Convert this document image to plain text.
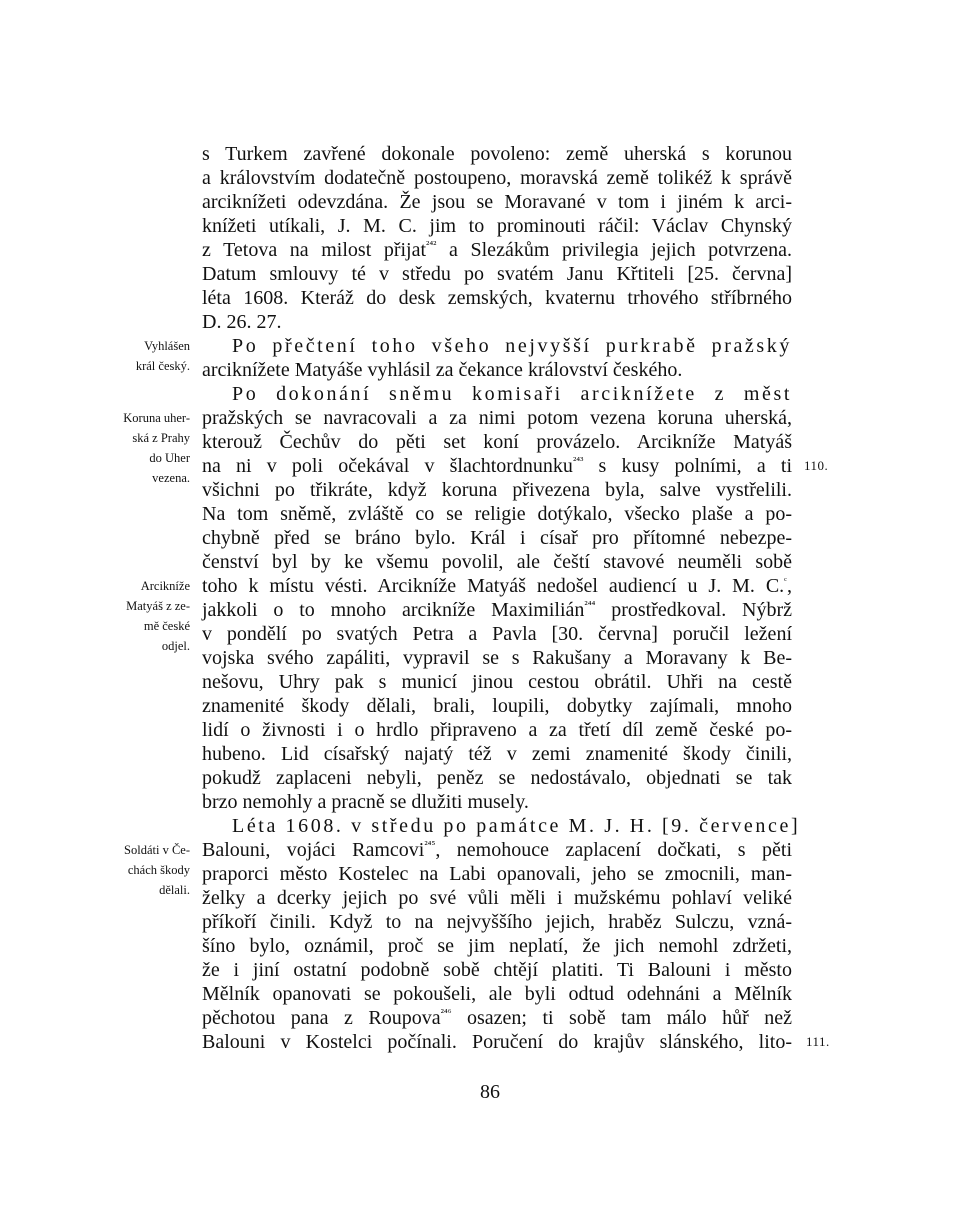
s Turkem zavřené dokonale povoleno: země uherská s korunou
a královstvím dodatečně postoupeno, moravská země tolikéž k správě
arciknížeti odevzdána. Že jsou se Moravané v tom i jiném k arci-
knížeti utíkali, J. M. C. jim to prominouti ráčil: Václav Chynský
z Tetova na milost přijat$^{^{242}}$ a Slezákům privilegia jejich potvrzena.
Datum smlouvy té v středu po svatém Janu Křtiteli [25. června]
léta 1608. Kteráž do desk zemských, kvaternu trhového stříbrného
D. 26. 27.
Po přečtení toho všeho nejvyšší purkrabě pražský
arciknížete Matyáše vyhlásil za čekance království českého.
Po dokonání sněmu komisaři arciknížete z měst
pražských se navracovali a za nimi potom vezena koruna uherská,
kterouž Čechův do pěti set koní provázelo. Arcikníže Matyáš
na ni v poli očekával v šlachtordnunku$^{^{243}}$ s kusy polními, a ti
všichni po třikráte, když koruna přivezena byla, salve vystřelili.
Na tom sněmě, zvláště co se religie dotýkalo, všecko plaše a po-
chybně před se bráno bylo. Král i císař pro přítomné nebezpe-
čenství byl by ke všemu povolil, ale čeští stavové neuměli sobě
toho k místu vésti. Arcikníže Matyáš nedošel audiencí u J. M. C.$^ᶜ$,
jakkoli o to mnoho arcikníže Maximilián$^{^{244}}$ prostředkoval. Nýbrž
v pondělí po svatých Petra a Pavla [30. června] poručil ležení
vojska svého zapáliti, vypravil se s Rakušany a Moravany k Be-
nešovu, Uhry pak s municí jinou cestou obrátil. Uhři na cestě
znamenité škody dělali, brali, loupili, dobytky zajímali, mnoho
lidí o živnosti i o hrdlo připraveno a za třetí díl země české po-
hubeno. Lid císařský najatý též v zemi znamenité škody činili,
pokudž zaplaceni nebyli, peněz se nedostávalo, objednati se tak
brzo nemohly a pracně se dlužiti musely.
Léta 1608. v středu po památce M. J. H. [9. července]
Balouni, vojáci Ramcovi$^{^{245}}$, nemohouce zaplacení dočkati, s pěti
praporci město Kostelec na Labi opanovali, jeho se zmocnili, man-
želky a dcerky jejich po své vůli měli i mužskému pohlaví veliké
příkoří činili. Když to na nejvyššího jejich, hraběz Sulczu, vzná-
šíno bylo, oznámil, proč se jim neplatí, že jich nemohl zdržeti,
že i jiní ostatní podobně sobě chtějí platiti. Ti Balouni i město
Mělník opanovati se pokoušeli, ale byli odtud odehnáni a Mělník
pěchotou pana z Roupova$^{^{246}}$ osazen; ti sobě tam málo hůř než
Balouni v Kostelci počínali. Poručení do krajův slánského, lito-
Vyhlášen
král český.
Koruna uher-
ská z Prahy
do Uher
vezena.
Arcikníže
Matyáš z ze-
mě české
odjel.
Soldáti v Če-
chách škody
dělali.
110.
111.
86
